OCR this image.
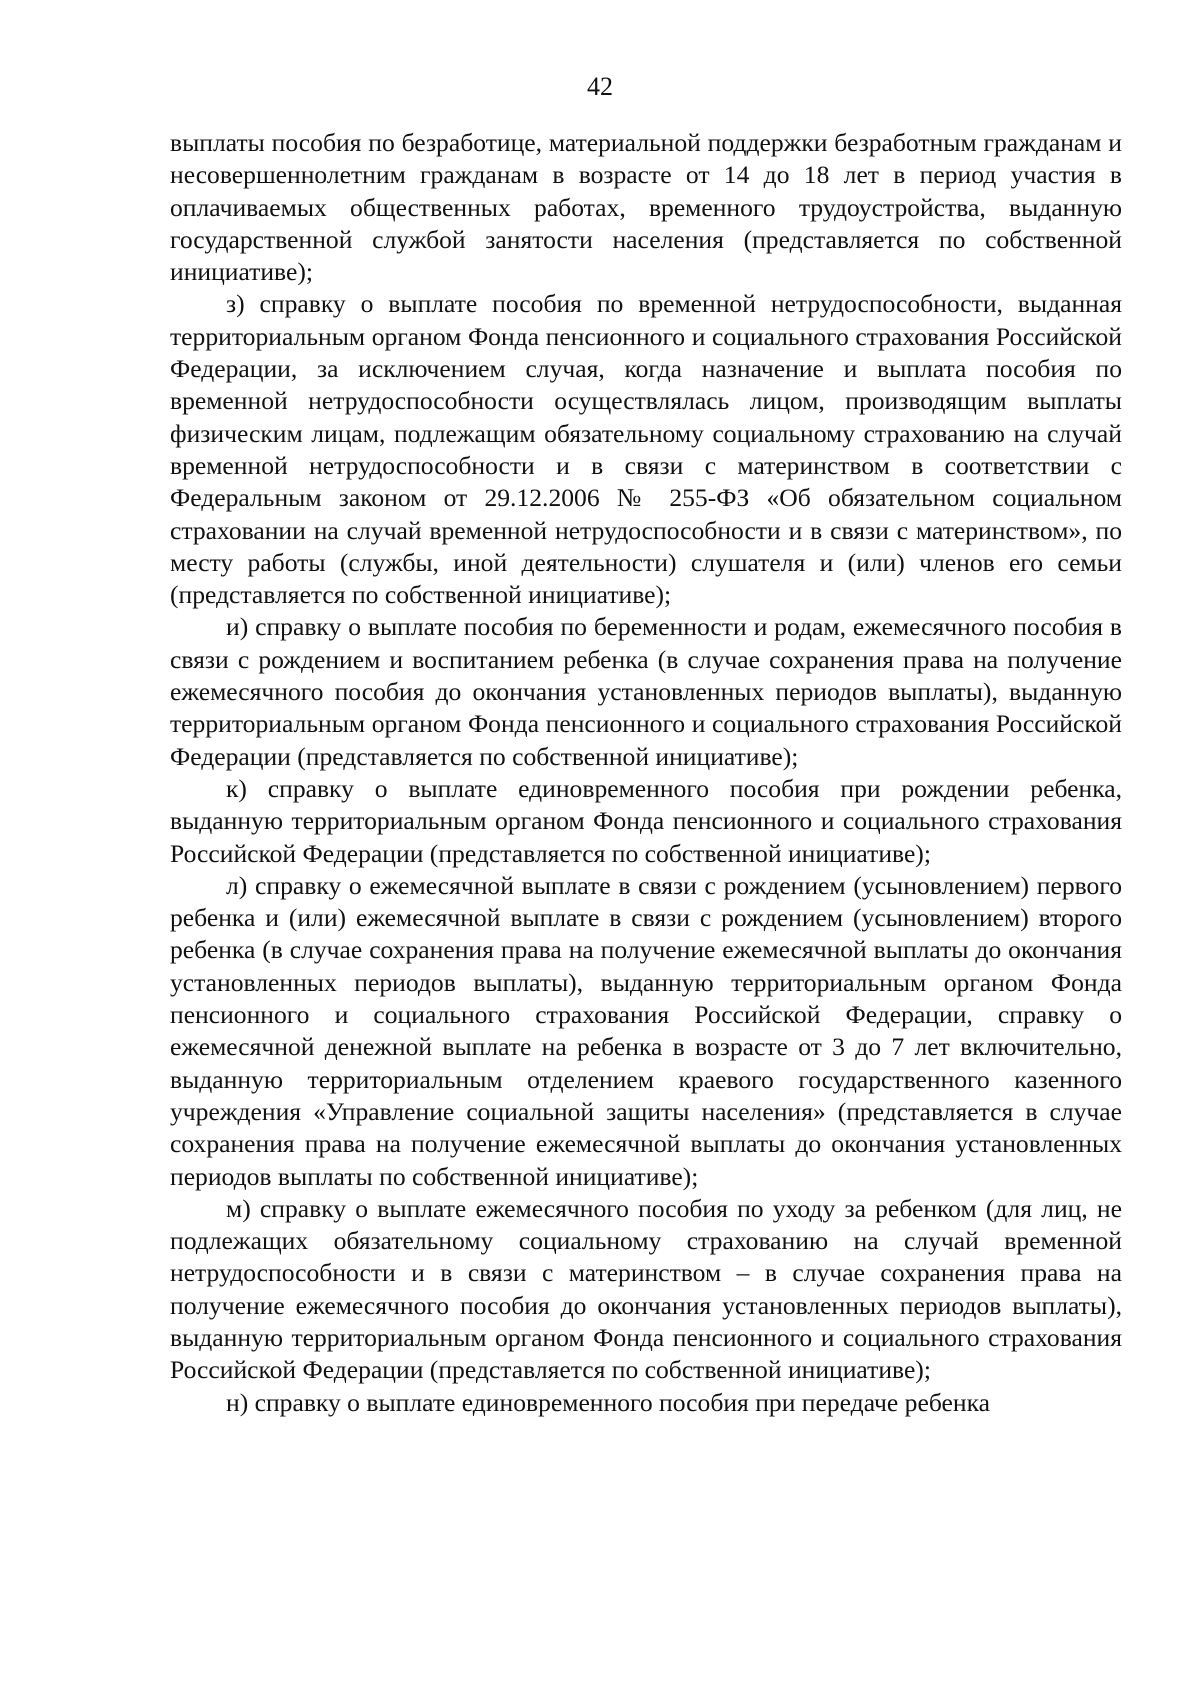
42

выплаты пособия по безработице, материальной поддержки безработным гражданам и несовершеннолетним гражданам в возрасте от 14 до 18 лет в период участия в оплачиваемых общественных работах, временного трудоустройства, выданную государственной службой занятости населения (представляется по собственной инициативе);

з) справку о выплате пособия по временной нетрудоспособности, выданная территориальным органом Фонда пенсионного и социального страхования Российской Федерации, за исключением случая, когда назначение и выплата пособия по временной нетрудоспособности осуществлялась лицом, производящим выплаты физическим лицам, подлежащим обязательному социальному страхованию на случай временной нетрудоспособности и в связи с материнством в соответствии с Федеральным законом от 29.12.2006 № 255-ФЗ «Об обязательном социальном страховании на случай временной нетрудоспособности и в связи с материнством», по месту работы (службы, иной деятельности) слушателя и (или) членов его семьи (представляется по собственной инициативе);

и) справку о выплате пособия по беременности и родам, ежемесячного пособия в связи с рождением и воспитанием ребенка (в случае сохранения права на получение ежемесячного пособия до окончания установленных периодов выплаты), выданную территориальным органом Фонда пенсионного и социального страхования Российской Федерации (представляется по собственной инициативе);

к) справку о выплате единовременного пособия при рождении ребенка, выданную территориальным органом Фонда пенсионного и социального страхования Российской Федерации (представляется по собственной инициативе);

л) справку о ежемесячной выплате в связи с рождением (усыновлением) первого ребенка и (или) ежемесячной выплате в связи с рождением (усыновлением) второго ребенка (в случае сохранения права на получение ежемесячной выплаты до окончания установленных периодов выплаты), выданную территориальным органом Фонда пенсионного и социального страхования Российской Федерации, справку о ежемесячной денежной выплате на ребенка в возрасте от 3 до 7 лет включительно, выданную территориальным отделением краевого государственного казенного учреждения «Управление социальной защиты населения» (представляется в случае сохранения права на получение ежемесячной выплаты до окончания установленных периодов выплаты по собственной инициативе);

м) справку о выплате ежемесячного пособия по уходу за ребенком (для лиц, не подлежащих обязательному социальному страхованию на случай временной нетрудоспособности и в связи с материнством – в случае сохранения права на получение ежемесячного пособия до окончания установленных периодов выплаты), выданную территориальным органом Фонда пенсионного и социального страхования Российской Федерации (представляется по собственной инициативе);

н) справку о выплате единовременного пособия при передаче ребенка
